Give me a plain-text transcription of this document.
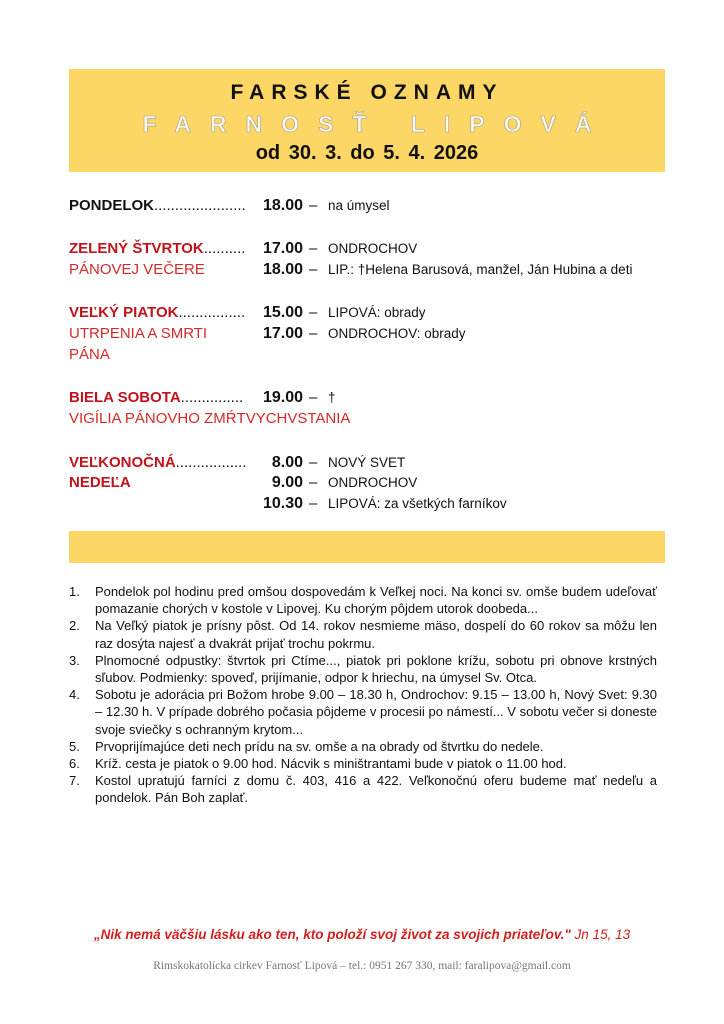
FARSKÉ OZNAMY
FARNOSŤ LIPOVÁ
od 30. 3. do 5. 4. 2026
PONDELOK......................	18.00 – na úmysel
ZELENÝ ŠTVRTOK..........	17.00 – ONDROCHOV
PÁNOVEJ VEČERE	18.00 – LIP.: †Helena Barusová, manžel, Ján Hubina a deti
VEĽKÝ PIATOK................	15.00 – LIPOVÁ: obrady
UTRPENIA A SMRTI	17.00 – ONDROCHOV: obrady
PÁNA
BIELA SOBOTA...............	19.00 – †
VIGÍLIA PÁNOVHO ZMŔTVYCHVSTANIA
VEĽKONOČNÁ.................	8.00 – NOVÝ SVET
NEDEĽA	9.00 – ONDROCHOV
10.30 – LIPOVÁ: za všetkých farníkov
1. Pondelok pol hodinu pred omšou dospovedám k Veľkej noci. Na konci sv. omše budem udeľovať pomazanie chorých v kostole v Lipovej. Ku chorým pôjdem utorok doobeda...
2. Na Veľký piatok je prísny pôst. Od 14. rokov nesmieme mäso, dospelí do 60 rokov sa môžu len raz dosýta najesť a dvakrát prijať trochu pokrmu.
3. Plnomocné odpustky: štvrtok pri Ctíme..., piatok pri poklone krížu, sobotu pri obnove krstných sľubov. Podmienky: spoveď, prijímanie, odpor k hriechu, na úmysel Sv. Otca.
4. Sobotu je adorácia pri Božom hrobe 9.00 – 18.30 h, Ondrochov: 9.15 – 13.00 h, Nový Svet: 9.30 – 12.30 h. V prípade dobrého počasia pôjdeme v procesii po námestí... V sobotu večer si doneste svoje sviečky s ochranným krytom...
5. Prvoprijímajúce deti nech prídu na sv. omše a na obrady od štvrtku do nedele.
6. Kríž. cesta je piatok o 9.00 hod. Nácvik s miništrantami bude v piatok o 11.00 hod.
7. Kostol upratujú farníci z domu č. 403, 416 a 422. Veľkonočnú oferu budeme mať nedeľu a pondelok. Pán Boh zaplať.
„Nik nemá väčšiu lásku ako ten, kto položí svoj život za svojich priateľov." Jn 15, 13
Rimskokatolícka cirkev Farnosť Lipová – tel.: 0951 267 330, mail: faralipova@gmail.com
